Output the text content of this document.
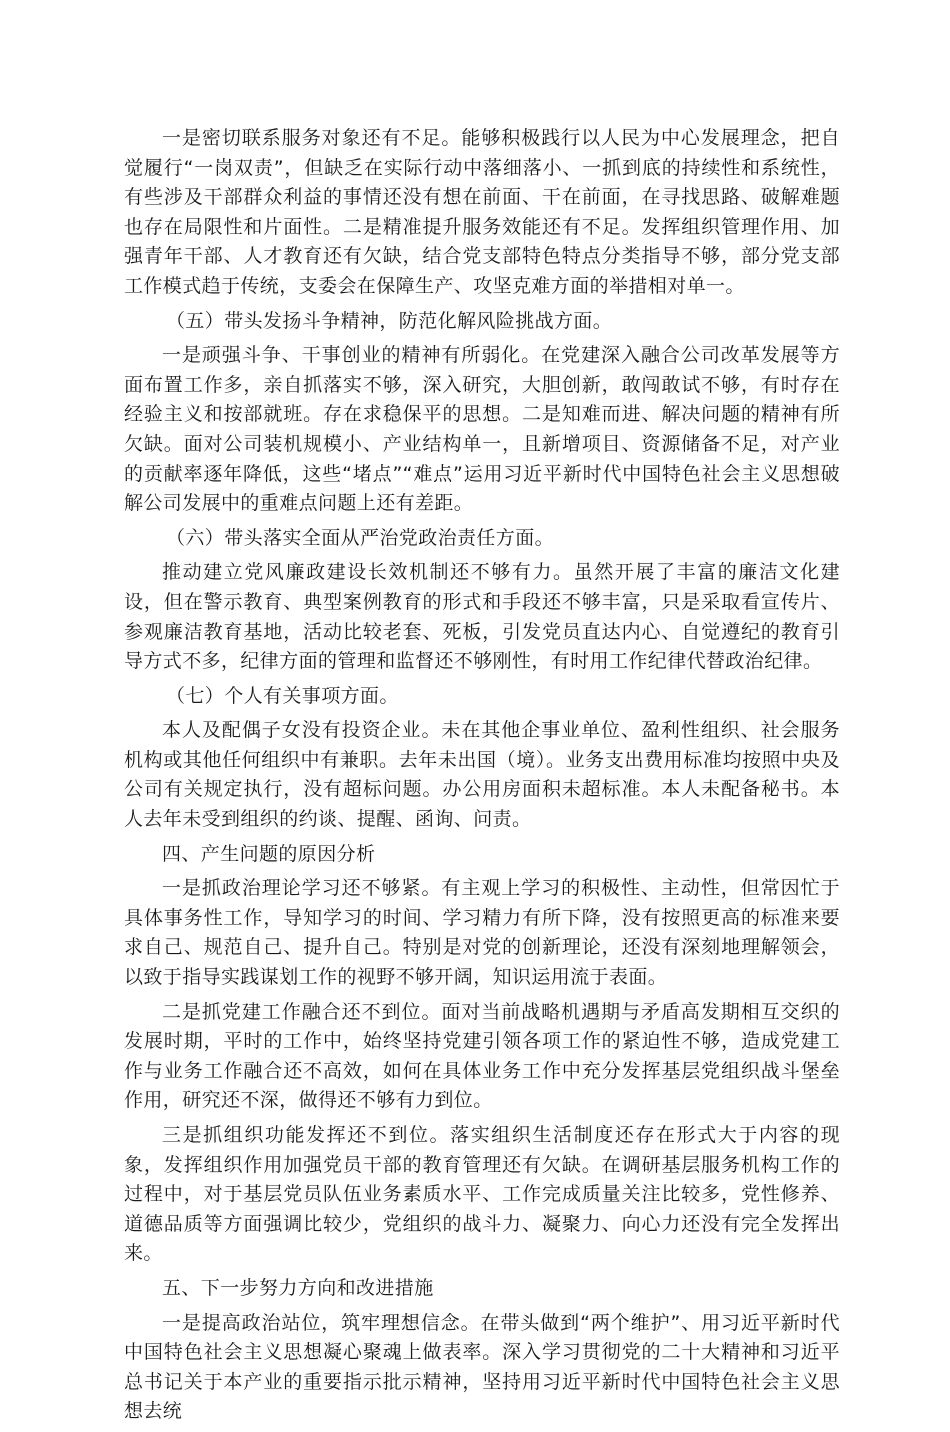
一是密切联系服务对象还有不足。能够积极践行以人民为中心发展理念，把自觉履行“一岗双责”，但缺乏在实际行动中落细落小、一抓到底的持续性和系统性，有些涉及干部群众利益的事情还没有想在前面、干在前面，在寻找思路、破解难题也存在局限性和片面性。二是精准提升服务效能还有不足。发挥组织管理作用、加强青年干部、人才教育还有欠缺，结合党支部特色特点分类指导不够，部分党支部工作模式趋于传统，支委会在保障生产、攻坚克难方面的举措相对单一。

（五）带头发扬斗争精神，防范化解风险挑战方面。

一是顽强斗争、干事创业的精神有所弱化。在党建深入融合公司改革发展等方面布置工作多，亲自抓落实不够，深入研究，大胆创新，敢闯敢试不够，有时存在经验主义和按部就班。存在求稳保平的思想。二是知难而进、解决问题的精神有所欠缺。面对公司装机规模小、产业结构单一，且新增项目、资源储备不足，对产业的贡献率逐年降低，这些“堵点”“难点”运用习近平新时代中国特色社会主义思想破解公司发展中的重难点问题上还有差距。

（六）带头落实全面从严治党政治责任方面。

推动建立党风廉政建设长效机制还不够有力。虽然开展了丰富的廉洁文化建设，但在警示教育、典型案例教育的形式和手段还不够丰富，只是采取看宣传片、参观廉洁教育基地，活动比较老套、死板，引发党员直达内心、自觉遵纪的教育引导方式不多，纪律方面的管理和监督还不够刚性，有时用工作纪律代替政治纪律。

（七）个人有关事项方面。

本人及配偶子女没有投资企业。未在其他企事业单位、盈利性组织、社会服务机构或其他任何组织中有兼职。去年未出国（境）。业务支出费用标准均按照中央及公司有关规定执行，没有超标问题。办公用房面积未超标准。本人未配备秘书。本人去年未受到组织的约谈、提醒、函询、问责。

四、产生问题的原因分析

一是抓政治理论学习还不够紧。有主观上学习的积极性、主动性，但常因忙于具体事务性工作，导知学习的时间、学习精力有所下降，没有按照更高的标准来要求自己、规范自己、提升自己。特别是对党的创新理论，还没有深刻地理解领会，以致于指导实践谋划工作的视野不够开阔，知识运用流于表面。

二是抓党建工作融合还不到位。面对当前战略机遇期与矛盾高发期相互交织的发展时期，平时的工作中，始终坚持党建引领各项工作的紧迫性不够，造成党建工作与业务工作融合还不高效，如何在具体业务工作中充分发挥基层党组织战斗堡垒作用，研究还不深，做得还不够有力到位。

三是抓组织功能发挥还不到位。落实组织生活制度还存在形式大于内容的现象，发挥组织作用加强党员干部的教育管理还有欠缺。在调研基层服务机构工作的过程中，对于基层党员队伍业务素质水平、工作完成质量关注比较多，党性修养、道德品质等方面强调比较少，党组织的战斗力、凝聚力、向心力还没有完全发挥出来。

五、下一步努力方向和改进措施

一是提高政治站位，筑牢理想信念。在带头做到“两个维护”、用习近平新时代中国特色社会主义思想凝心聚魂上做表率。深入学习贯彻党的二十大精神和习近平总书记关于本产业的重要指示批示精神，坚持用习近平新时代中国特色社会主义思想去统
